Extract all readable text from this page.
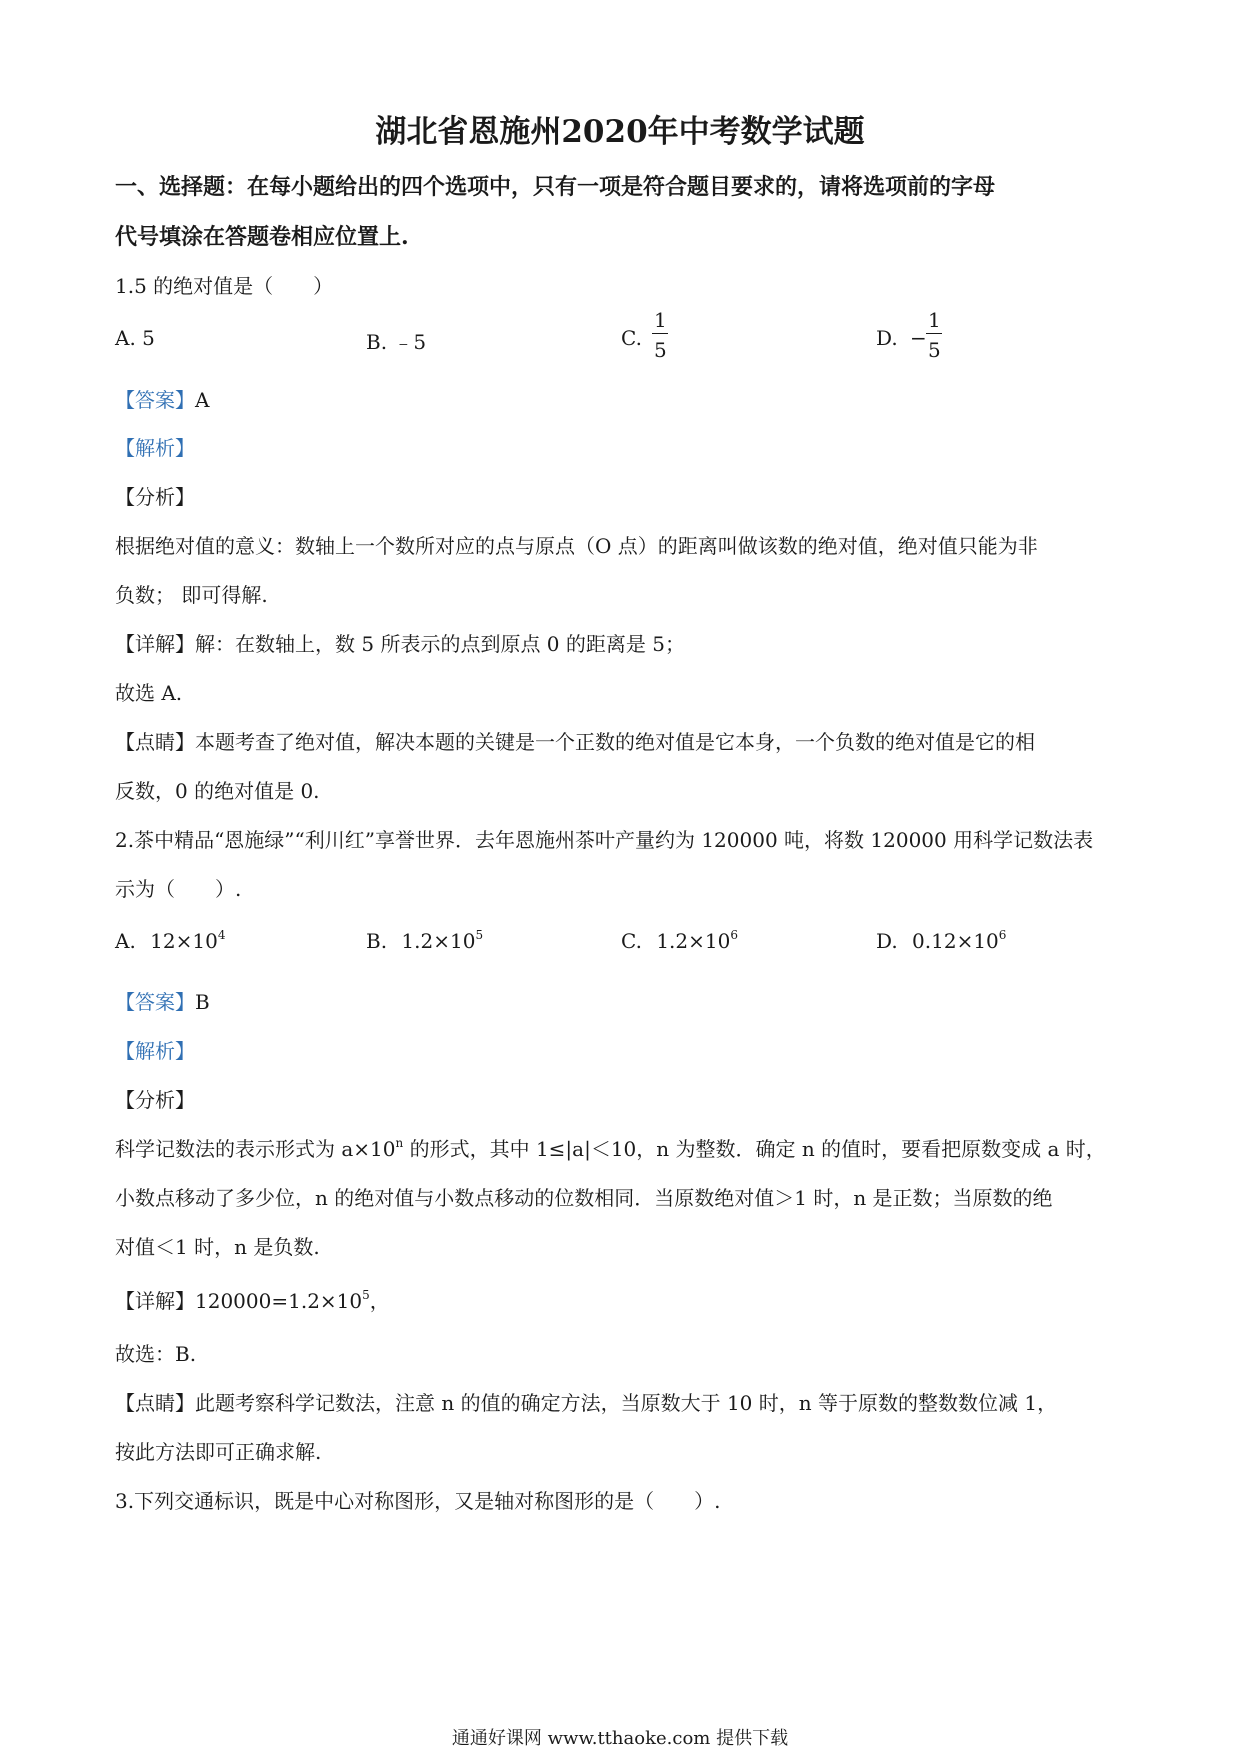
湖北省恩施州2020年中考数学试题
一、选择题：在每小题给出的四个选项中，只有一项是符合题目要求的，请将选项前的字母
代号填涂在答题卷相应位置上.
1.5 的绝对值是（　　）
A. 5	B. ﹣5	C.
1
5	D. −
1
5
【答案】A
【解析】
【分析】
根据绝对值的意义：数轴上一个数所对应的点与原点（O 点）的距离叫做该数的绝对值，绝对值只能为非
负数； 即可得解.
【详解】解：在数轴上，数 5 所表示的点到原点 0 的距离是 5；
故选 A.
【点睛】本题考查了绝对值，解决本题的关键是一个正数的绝对值是它本身，一个负数的绝对值是它的相
反数，0 的绝对值是 0.
2.茶中精品“恩施绿”“利川红”享誉世界．去年恩施州茶叶产量约为 120000 吨，将数 120000 用科学记数法表
示为（　　）.
A. $12\times 10^4$	B. $1.2\times 10^5$	C. $1.2\times 10^6$	D. $0.12\times 10^6$
【答案】B
【解析】
【分析】
科学记数法的表示形式为 $a\times 10^n$ 的形式，其中 1≤|a|＜10，n 为整数．确定 n 的值时，要看把原数变成 a 时，
小数点移动了多少位，n 的绝对值与小数点移动的位数相同．当原数绝对值＞1 时，n 是正数；当原数的绝
对值＜1 时，n 是负数.
【详解】$120000=1.2\times 10^5$，
故选：B.
【点睛】此题考察科学记数法，注意 n 的值的确定方法，当原数大于 10 时，n 等于原数的整数数位减 1，
按此方法即可正确求解.
3.下列交通标识，既是中心对称图形，又是轴对称图形的是（　　）.
通通好课网 www.tthaoke.com 提供下载
